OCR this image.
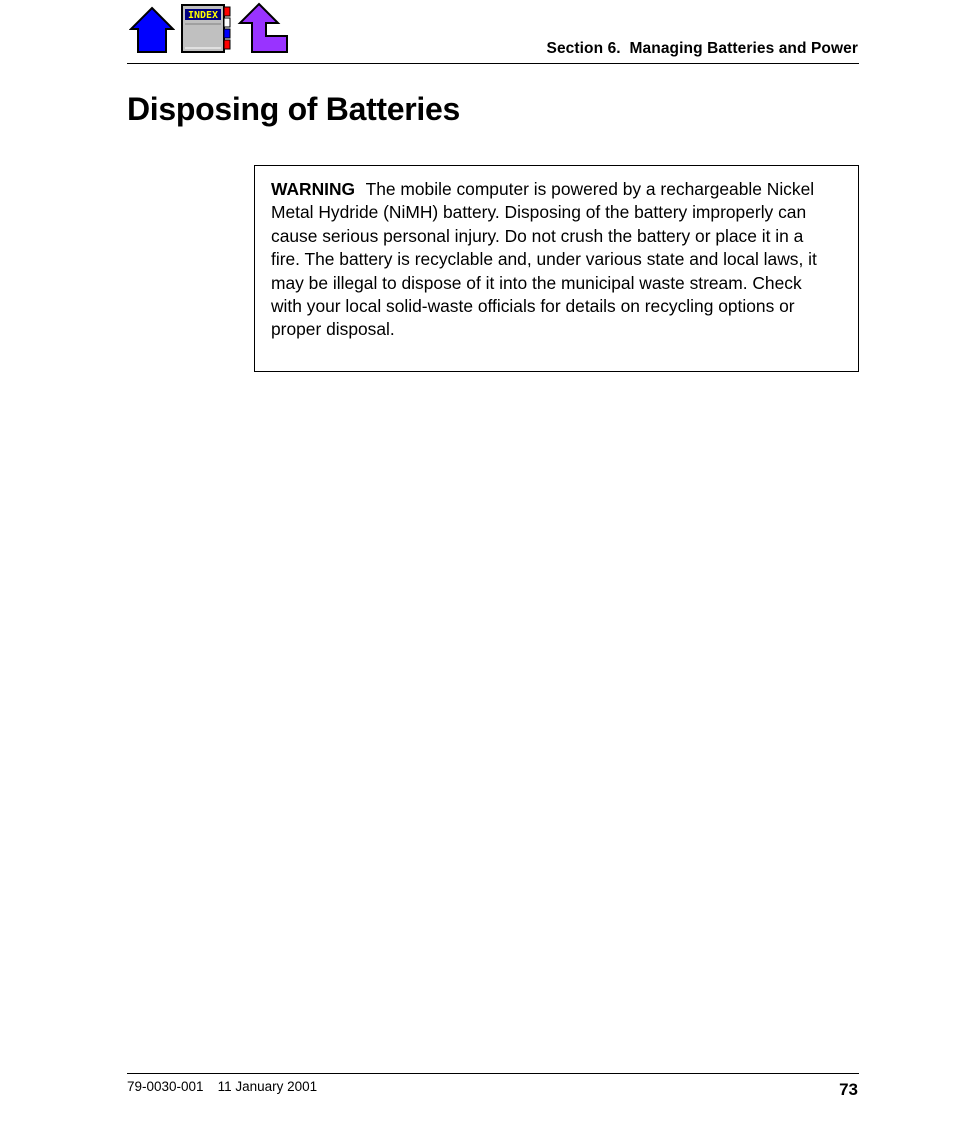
INDEX
Section 6.  Managing Batteries and Power
Disposing of Batteries
WARNING The mobile computer is powered by a rechargeable Nickel Metal Hydride (NiMH) battery. Disposing of the battery improperly can cause serious personal injury. Do not crush the battery or place it in a fire. The battery is recyclable and, under various state and local laws, it may be illegal to dispose of it into the municipal waste stream. Check with your local solid-waste officials for details on recycling options or proper disposal.
79-0030-001 11 January 2001	73
